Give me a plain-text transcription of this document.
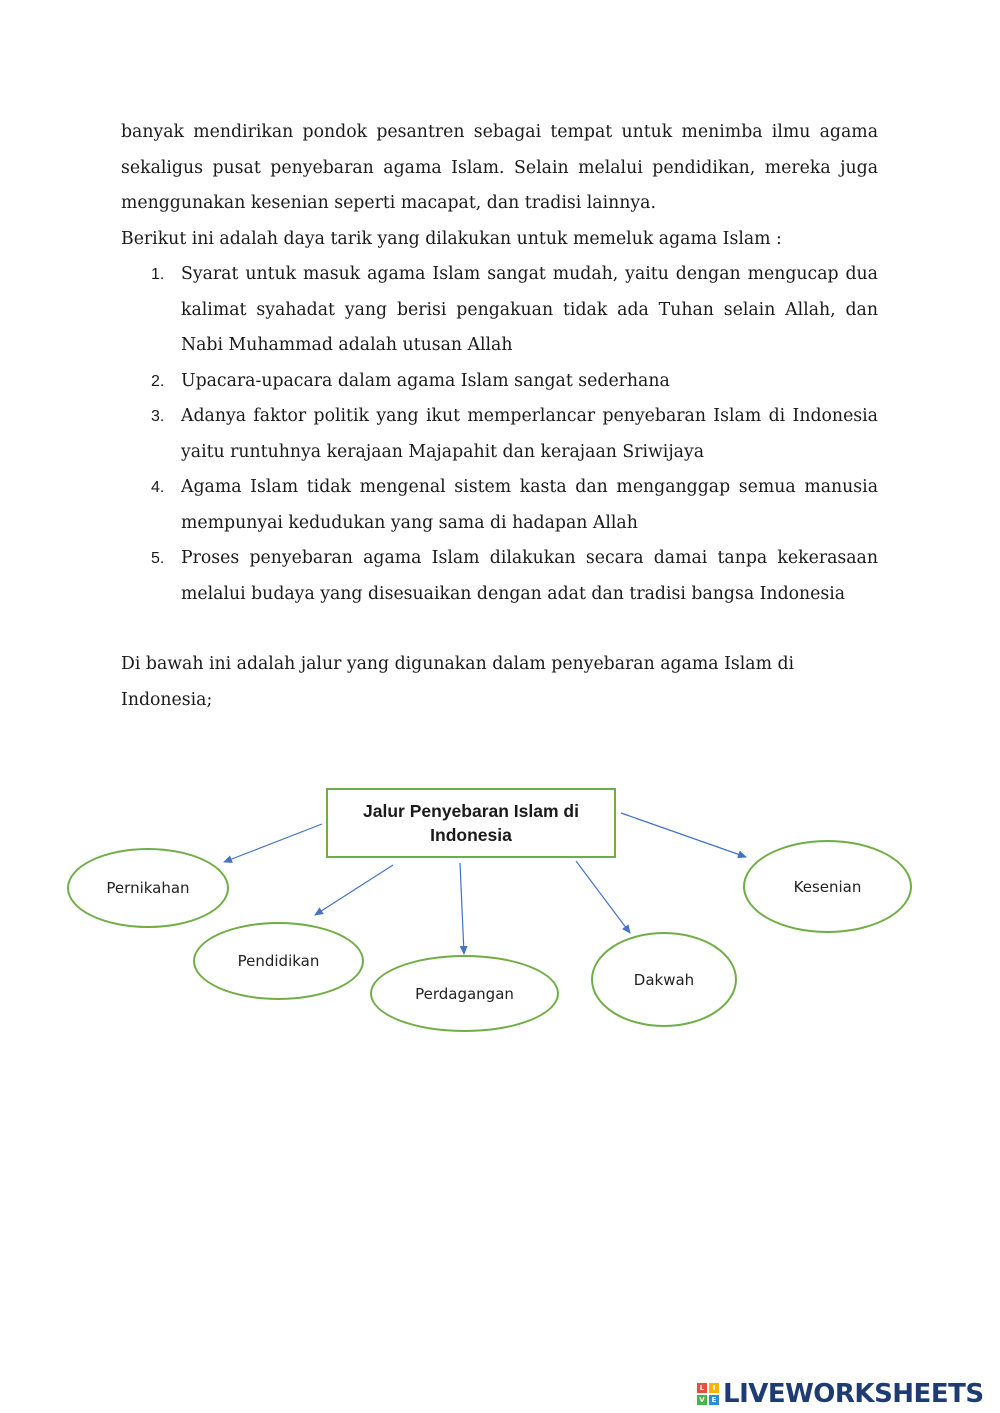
banyak mendirikan pondok pesantren sebagai tempat untuk menimba ilmu agama sekaligus pusat penyebaran agama Islam. Selain melalui pendidikan, mereka juga menggunakan kesenian seperti macapat, dan tradisi lainnya.
Berikut ini adalah daya tarik yang dilakukan untuk memeluk agama Islam :
1. Syarat untuk masuk agama Islam sangat mudah, yaitu dengan mengucap dua kalimat syahadat yang berisi pengakuan tidak ada Tuhan selain Allah, dan Nabi Muhammad adalah utusan Allah
2. Upacara-upacara dalam agama Islam sangat sederhana
3. Adanya faktor politik yang ikut memperlancar penyebaran Islam di Indonesia yaitu runtuhnya kerajaan Majapahit dan kerajaan Sriwijaya
4. Agama Islam tidak mengenal sistem kasta dan menganggap semua manusia mempunyai kedudukan yang sama di hadapan Allah
5. Proses penyebaran agama Islam dilakukan secara damai tanpa kekerasaan melalui budaya yang disesuaikan dengan adat dan tradisi bangsa Indonesia
Di bawah ini adalah jalur yang digunakan dalam penyebaran agama Islam di Indonesia;
Jalur Penyebaran Islam di Indonesia
Pernikahan
Pendidikan
Perdagangan
Dakwah
Kesenian
L	I
V E LIVEWORKSHEETS
